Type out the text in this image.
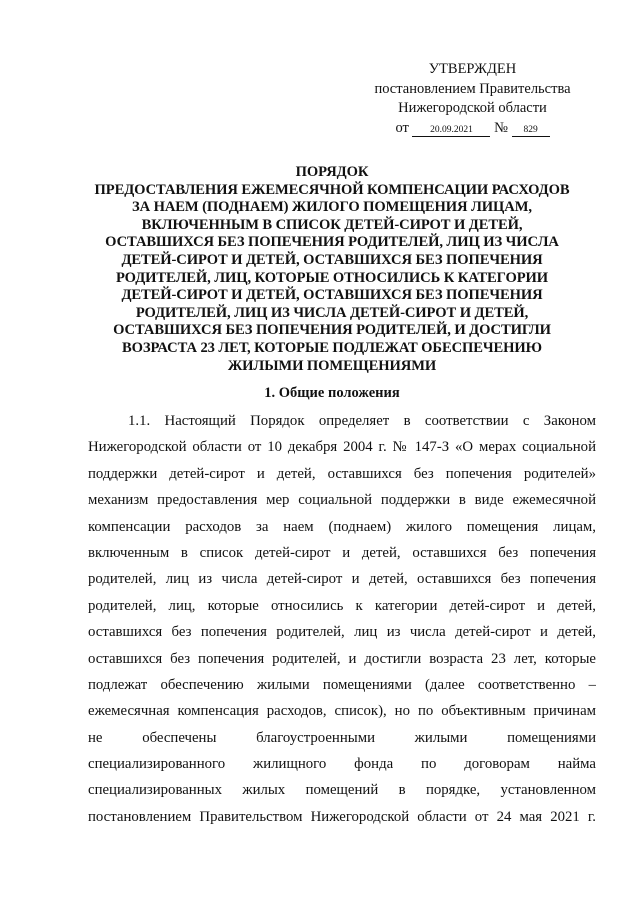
УТВЕРЖДЕН
постановлением Правительства
Нижегородской области
от 20.09.2021 № 829
ПОРЯДОК
ПРЕДОСТАВЛЕНИЯ ЕЖЕМЕСЯЧНОЙ КОМПЕНСАЦИИ РАСХОДОВ
ЗА НАЕМ (ПОДНАЕМ) ЖИЛОГО ПОМЕЩЕНИЯ ЛИЦАМ,
ВКЛЮЧЕННЫМ В СПИСОК ДЕТЕЙ-СИРОТ И ДЕТЕЙ,
ОСТАВШИХСЯ БЕЗ ПОПЕЧЕНИЯ РОДИТЕЛЕЙ, ЛИЦ ИЗ ЧИСЛА
ДЕТЕЙ-СИРОТ И ДЕТЕЙ, ОСТАВШИХСЯ БЕЗ ПОПЕЧЕНИЯ
РОДИТЕЛЕЙ, ЛИЦ, КОТОРЫЕ ОТНОСИЛИСЬ К КАТЕГОРИИ
ДЕТЕЙ-СИРОТ И ДЕТЕЙ, ОСТАВШИХСЯ БЕЗ ПОПЕЧЕНИЯ
РОДИТЕЛЕЙ, ЛИЦ ИЗ ЧИСЛА ДЕТЕЙ-СИРОТ И ДЕТЕЙ,
ОСТАВШИХСЯ БЕЗ ПОПЕЧЕНИЯ РОДИТЕЛЕЙ, И ДОСТИГЛИ
ВОЗРАСТА 23 ЛЕТ, КОТОРЫЕ ПОДЛЕЖАТ ОБЕСПЕЧЕНИЮ
ЖИЛЫМИ ПОМЕЩЕНИЯМИ
1. Общие положения
1.1. Настоящий Порядок определяет в соответствии с Законом
Нижегородской области от 10 декабря 2004 г. № 147-З «О мерах социальной
поддержки детей-сирот и детей, оставшихся без попечения родителей»
механизм предоставления мер социальной поддержки в виде ежемесячной
компенсации расходов за наем (поднаем) жилого помещения лицам,
включенным в список детей-сирот и детей, оставшихся без попечения
родителей, лиц из числа детей-сирот и детей, оставшихся без попечения
родителей, лиц, которые относились к категории детей-сирот и детей,
оставшихся без попечения родителей, лиц из числа детей-сирот и детей,
оставшихся без попечения родителей, и достигли возраста 23 лет, которые
подлежат обеспечению жилыми помещениями (далее соответственно –
ежемесячная компенсация расходов, список), но по объективным причинам
не обеспечены благоустроенными жилыми помещениями
специализированного жилищного фонда по договорам найма
специализированных жилых помещений в порядке, установленном
постановлением Правительством Нижегородской области от 24 мая 2021 г.
